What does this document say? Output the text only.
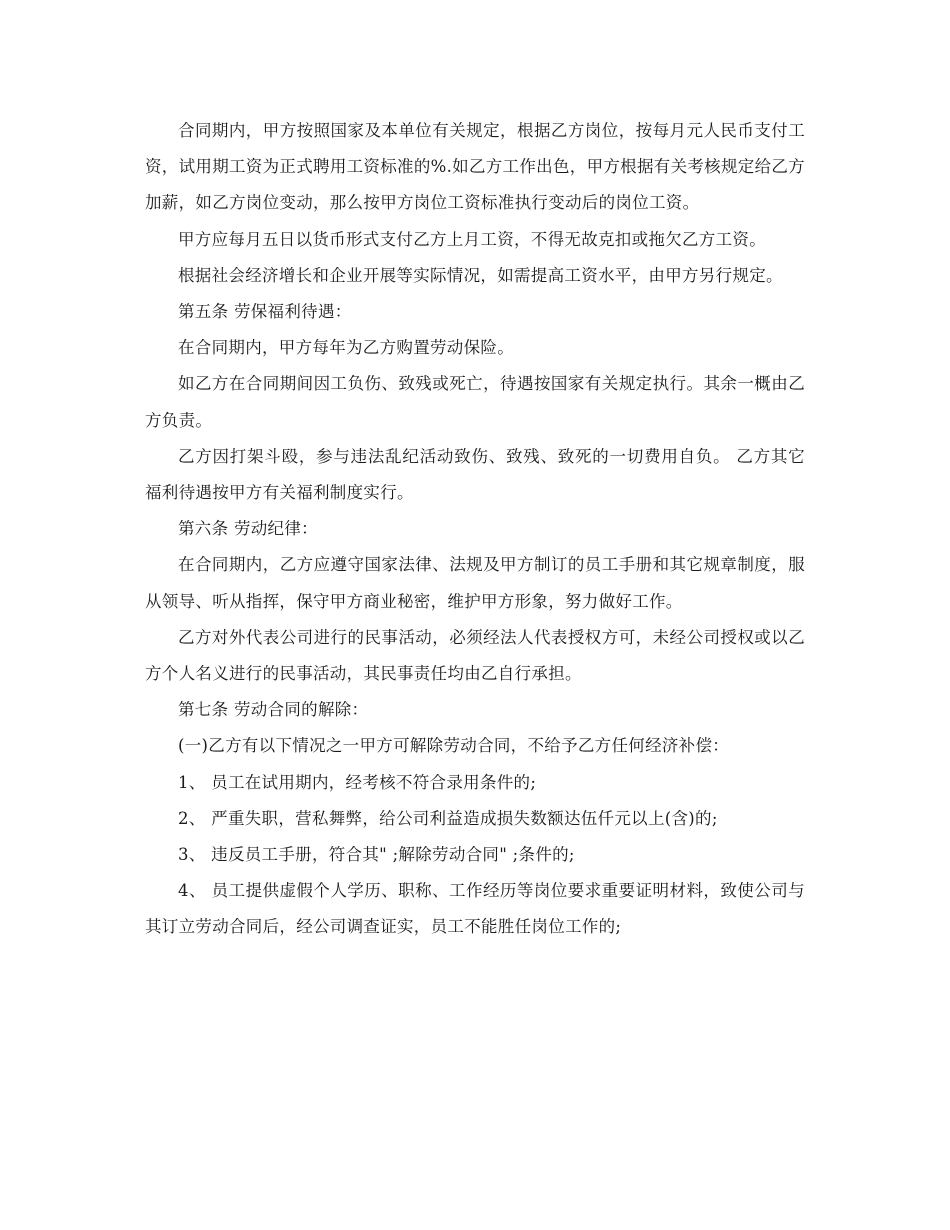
合同期内，甲方按照国家及本单位有关规定，根据乙方岗位，按每月元人民币支付工资，试用期工资为正式聘用工资标准的%.如乙方工作出色，甲方根据有关考核规定给乙方加薪，如乙方岗位变动，那么按甲方岗位工资标准执行变动后的岗位工资。

甲方应每月五日以货币形式支付乙方上月工资，不得无故克扣或拖欠乙方工资。

根据社会经济增长和企业开展等实际情况，如需提高工资水平，由甲方另行规定。

第五条 劳保福利待遇：

在合同期内，甲方每年为乙方购置劳动保险。

如乙方在合同期间因工负伤、致残或死亡，待遇按国家有关规定执行。其余一概由乙方负责。

乙方因打架斗殴，参与违法乱纪活动致伤、致残、致死的一切费用自负。 乙方其它福利待遇按甲方有关福利制度实行。

第六条 劳动纪律：

在合同期内，乙方应遵守国家法律、法规及甲方制订的员工手册和其它规章制度，服从领导、听从指挥，保守甲方商业秘密，维护甲方形象，努力做好工作。

乙方对外代表公司进行的民事活动，必须经法人代表授权方可，未经公司授权或以乙方个人名义进行的民事活动，其民事责任均由乙自行承担。

第七条 劳动合同的解除：

(一)乙方有以下情况之一甲方可解除劳动合同，不给予乙方任何经济补偿：

1、 员工在试用期内，经考核不符合录用条件的;

2、 严重失职，营私舞弊，给公司利益造成损失数额达伍仟元以上(含)的;

3、 违反员工手册，符合其" ;解除劳动合同" ;条件的;

4、 员工提供虚假个人学历、职称、工作经历等岗位要求重要证明材料，致使公司与其订立劳动合同后，经公司调查证实，员工不能胜任岗位工作的;
